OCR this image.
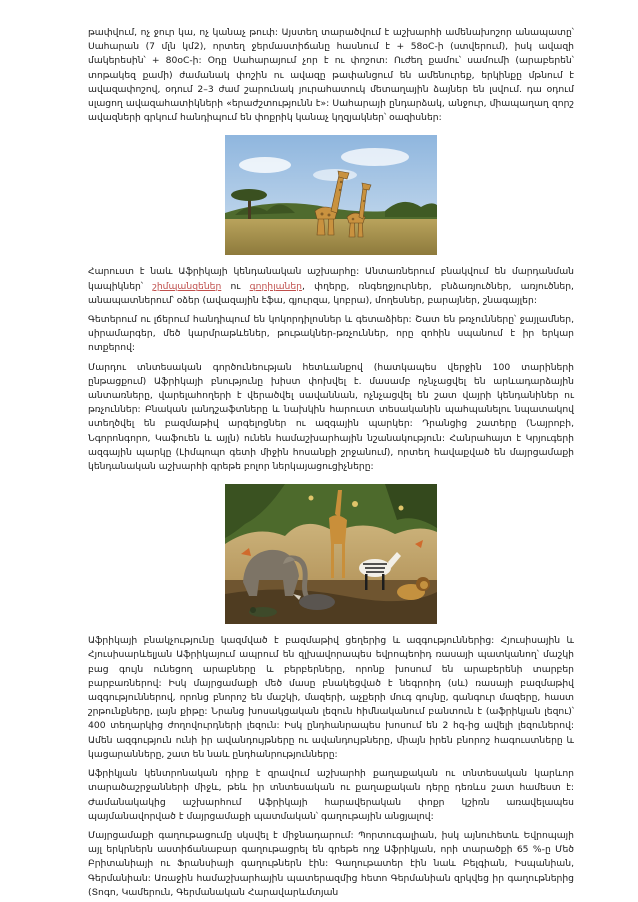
թափվում, ոչ ջուր կա, ոչ կանաչ թուփ: Այստեղ տարածվում է աշխարհի ամենախոշոր անապատը՝ Սահարան (7 մլն կմ2), որտեղ ջերմաստիճանը հասնում է + 58oC-ի (ստվերում), իսկ ավազի մակերեսին՝ + 80oC-ի: Օդը Սահարայում չոր է ու փոշոտ: Ուժեղ քամու՝ սամումի (արաբերեն՝ տոթակեզ քամի) ժամանակ փոշին ու ավազը թափանցում են ամենուրեք, երկինքը մթնում է ավազափոշով, օդում 2–3 ժամ շարունակ յուրահատուկ մետաղային ձայներ են լսվում. դա օդում սլացող ավազահատիկների «երաժշտությունն է»: Սահարայի ընդարձակ, անջուր, միապաղաղ զորշ ավազների գրկում հանդիպում են փոքրիկ կանաչ կղզյակներ՝ օազիսներ:

Հարուստ է նաև Աֆրիկայի կենդանական աշխարհը: Անտառներում բնակվում են մարդանման կապիկներ՝ շիմպանզեներ ու գորիլաներ, փղերը, ռնգեղջյուրներ, բնձառյուծներ, առյուծներ, անապատներում՝ օձեր (ավազային էֆա, գյուրզա, կոբրա), մողեսներ, բարայներ, շնագայլեր:

Գետերում ու լճերում հանդիպում են կոկորդիլոսներ և գետաձիեր: Շատ են թռչունները՝ ջայլամներ, սիրամարգեր, մեծ կարմրաթևեներ, թութակներ-թռչուններ, որը զոհին սպանում է իր երկար ոտքերով:

Մարդու տնտեսական գործունեության հետևանքով (հատկապես վերջին 100 տարիների ընթացքում) Աֆրիկայի բնությունը խիստ փոխվել է. մասամբ ոչնչացվել են արևադարձային անտառները, վարելահողերի է վերածվել սավաննան, ոչնչացվել են շատ վայրի կենդանիներ ու թռչուններ: Բնական լանդշաֆտները և նախկին հարուստ տեսականին պահպանելու նպատակով ստեղծվել են բազմաթիվ արգելոցներ ու ազգային պարկեր: Դրանցից շատերը (Նայրոբի, Նգորոնգորո, Կաֆուեն և այլն) ունեն համաշխարհային նշանակություն: Հանրահայտ է Կրյուգերի ազգային պարկը (Լիմպոպո գետի միջին հոսանքի շրջանում), որտեղ հավաքված են մայրցամաքի կենդանական աշխարհի գրեթե բոլոր ներկայացուցիչները:

Աֆրիկայի բնակչությունը կազմված է բազմաթիվ ցեղերից և ազգություններից: Հյուսիսային և Հյուսիսարևելյան Աֆրիկայում ապրում են զլխավորապես եվրոպեոիդ ռասայի պատկանող՝ մաշկի բաց գույն ունեցող արաբները և բերբերները, որոնք խոսում են արաբերենի տարբեր բարբառներով: Իսկ մայրցամաքի մեծ մասը բնակեցված է նեգրոիդ (սև) ռասայի բազմաթիվ ազգություններով, որոնց բնորոշ են մաշկի, մազերի, աչքերի մուգ գույնը, գանգուր մազերը, հաստ շրթունքները, լայն քիթը: Նրանց խոսակցական լեզուն հիմնականում բանտուն է (աֆրիկյան լեզու)՝ 400 տեղարկից ժողովուրդների լեզուն: Իսկ ընդհանրապես խոսում են 2 հզ-ից ավելի լեզուներով: Ամեն ազգություն ունի իր ավանդույթները ու ավանդույթները, միայն իրեն բնորոշ հագուստները և կացարանները, շատ են նաև ընդհանրությունները:

Աֆրիկյան կենտրոնական դիրք է զրավում աշխարհի քաղաքական ու տնտեսական կարևոր տարածաշրջանների միջև, թեև իր տնտեսական ու քաղաքական դերը դեռևս շատ համեստ է: Ժամանակակից աշխարհում Աֆրիկայի հարավերական փոքր կշիռն առավելապես պայմանավորված է մայրցամաքի պատմական՝ գաղութային անցյալով:

Մայրցամաքի գաղութացումը սկսվել է միջնադարում: Պորտուգալիան, իսկ այնուհետև Եվրոպայի այլ երկրներն աստիճանաբար գաղութացրել են գրեթե ողջ Աֆրիկյան, որի տարածքի 65 %-ը Մեծ Բրիտանիայի ու Ֆրանսիայի գաղութներն էին: Գաղութատեր էին նաև Բելգիան, Իսպանիան, Գերմանիան: Առաջին համաշխարհային պատերազմից հետո Գերմանիան զրկվեց իր գաղութներից (Տոգո, Կամերուն, Գերմանական Հարավարևմտյան
